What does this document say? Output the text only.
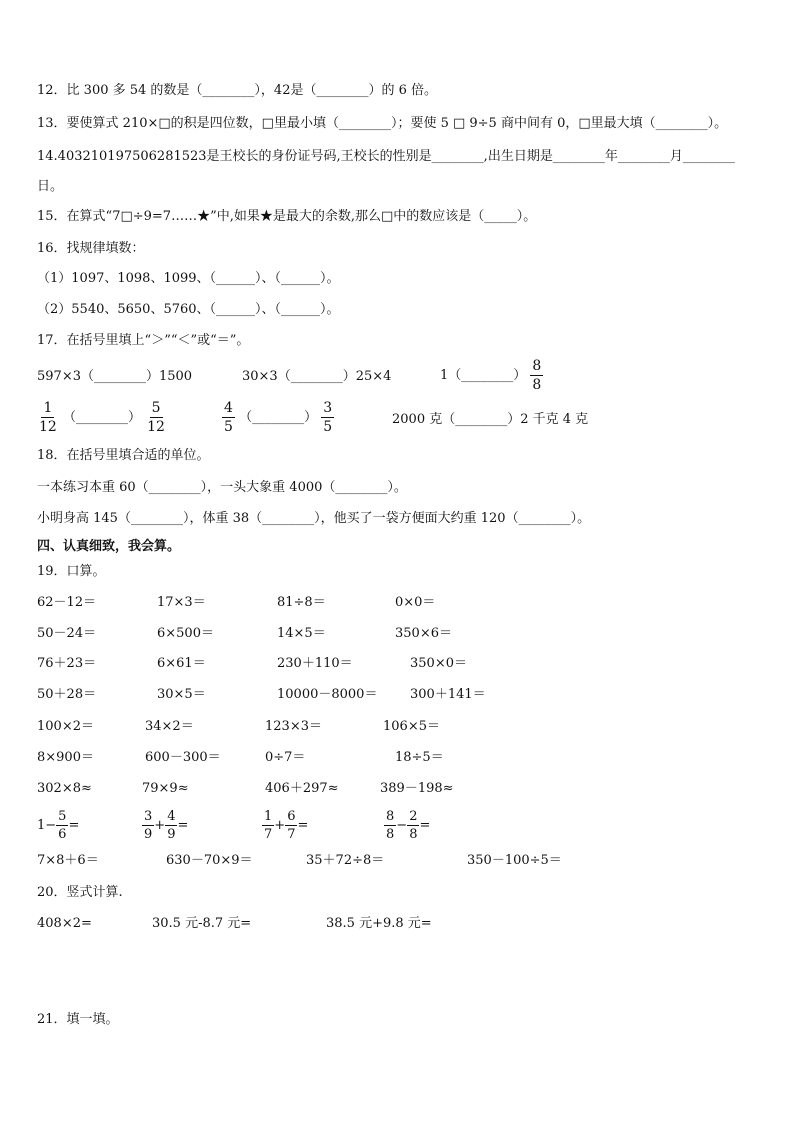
12．比 300 多 54 的数是（________），42是（________）的 6 倍。
13．要使算式 210×□的积是四位数，□里最小填（________）；要使 5 □ 9÷5 商中间有 0，□里最大填（________）。
14.403210197506281523是王校长的身份证号码,王校长的性别是________,出生日期是________年________月________
日。
15．在算式“7□÷9=7……★”中,如果★是最大的余数,那么□中的数应该是（_____）。
16．找规律填数：
（1）1097、1098、1099、（______）、（______）。
（2）5540、5650、5760、（______）、（______）。
17．在括号里填上“＞”“＜”或“＝”。
597×3（________）1500	30×3（________）25×4	1（________） $\frac{8}{8}$
$\frac{1}{12}$ （________） $\frac{5}{12}$	$\frac{4}{5}$ （________） $\frac{3}{5}$	2000 克（________）2 千克 4 克
18．在括号里填合适的单位。
一本练习本重 60（________），一头大象重 4000（________）。
小明身高 145（________），体重 38（________），他买了一袋方便面大约重 120（________）。
四、认真细致，我会算。
19．口算。
62－12＝	17×3＝	81÷8＝	0×0＝
50－24＝	6×500＝	14×5＝	350×6＝
76＋23＝	6×61＝	230＋110＝	350×0＝
50＋28＝	30×5＝	10000－8000＝	300＋141＝
100×2＝	34×2＝	123×3＝	106×5＝
8×900＝	600－300＝	0÷7＝	18÷5＝
302×8≈	79×9≈	406＋297≈	389－198≈
$1- \frac{5}{6}$ =	$\frac{3}{9} + \frac{4}{9}$ =	$\frac{1}{7} + \frac{6}{7}$ =	$\frac{8}{8} - \frac{2}{8}$ =
7×8＋6＝	630－70×9＝	35＋72÷8＝	350－100÷5＝
20．竖式计算.
408×2=	30.5 元-8.7 元=	38.5 元+9.8 元=
21．填一填。
